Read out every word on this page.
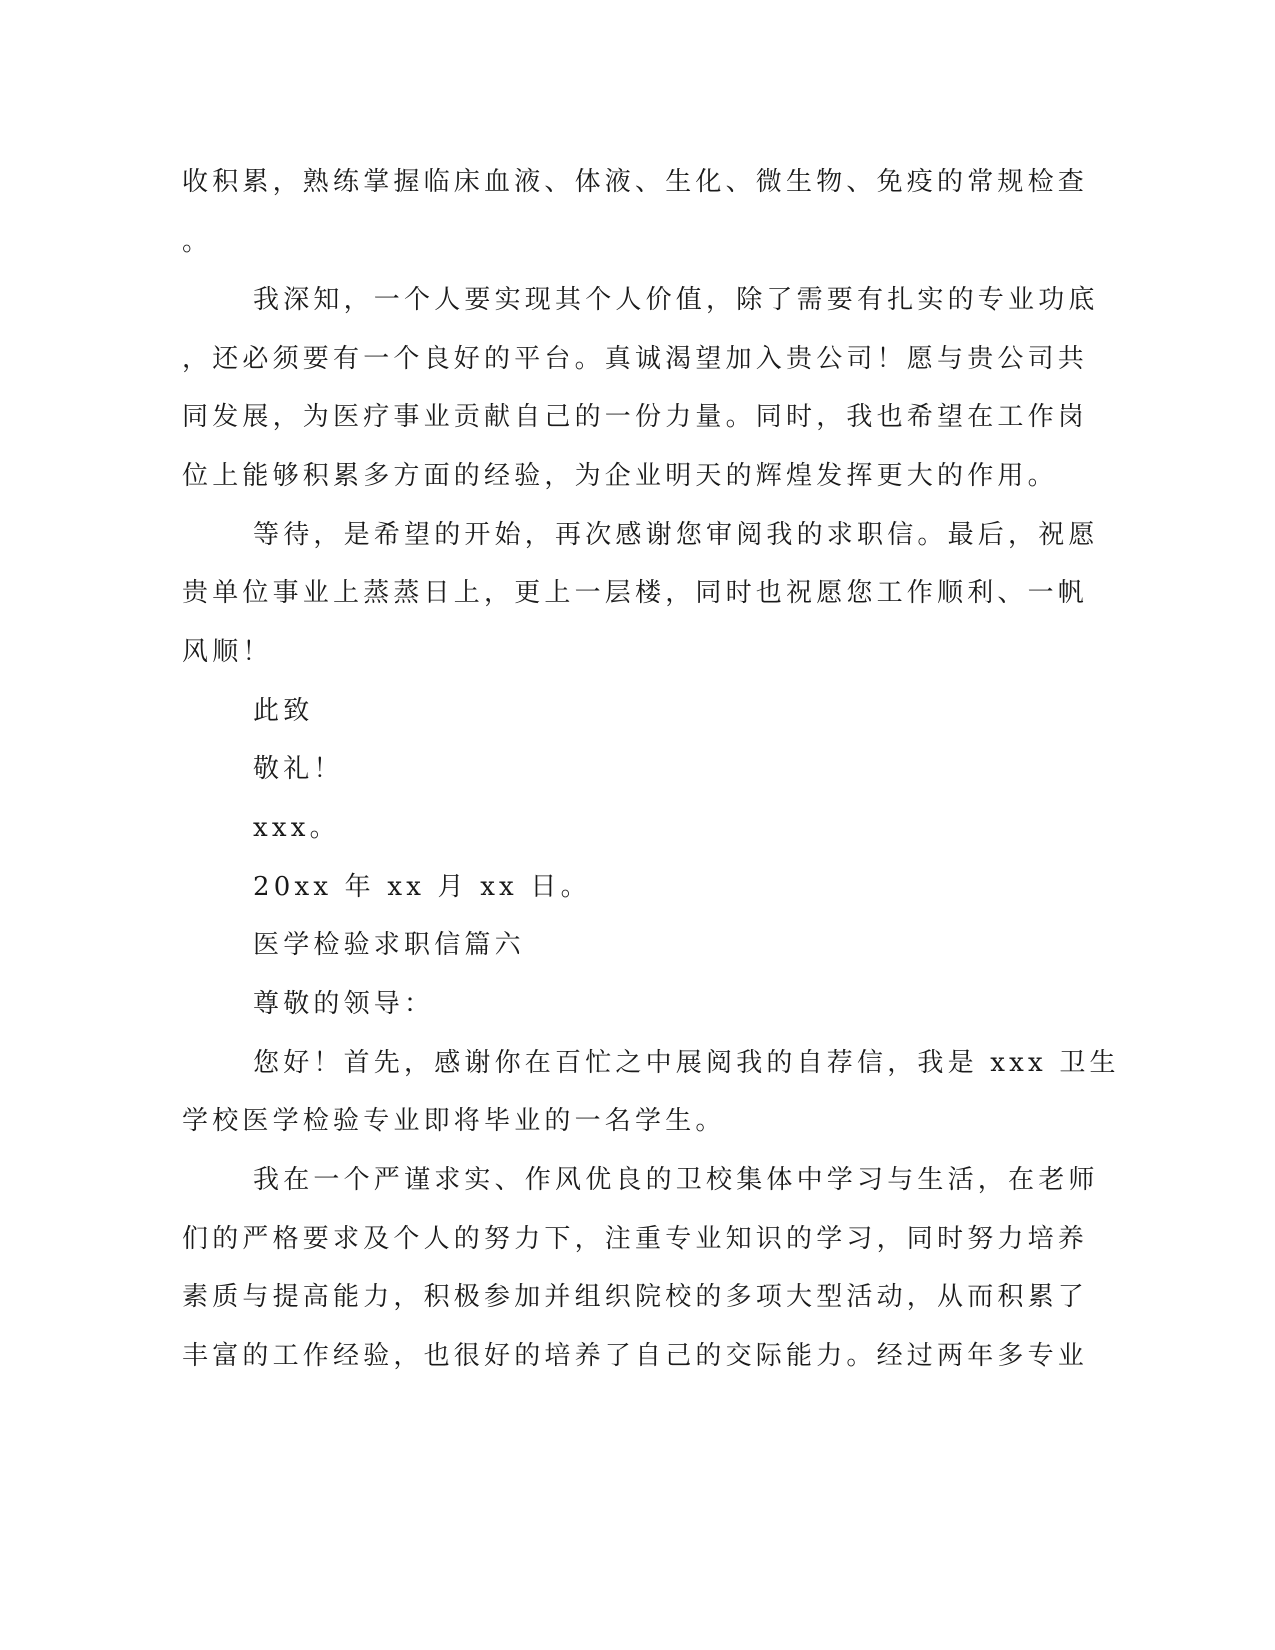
收积累，熟练掌握临床血液、体液、生化、微生物、免疫的常规检查
。
我深知，一个人要实现其个人价值，除了需要有扎实的专业功底
，还必须要有一个良好的平台。真诚渴望加入贵公司！愿与贵公司共
同发展，为医疗事业贡献自己的一份力量。同时，我也希望在工作岗
位上能够积累多方面的经验，为企业明天的辉煌发挥更大的作用。
等待，是希望的开始，再次感谢您审阅我的求职信。最后，祝愿
贵单位事业上蒸蒸日上，更上一层楼，同时也祝愿您工作顺利、一帆
风顺！
此致
敬礼！
xxx。
20xx 年 xx 月 xx 日。
医学检验求职信篇六
尊敬的领导：
您好！首先，感谢你在百忙之中展阅我的自荐信，我是 xxx 卫生
学校医学检验专业即将毕业的一名学生。
我在一个严谨求实、作风优良的卫校集体中学习与生活，在老师
们的严格要求及个人的努力下，注重专业知识的学习，同时努力培养
素质与提高能力，积极参加并组织院校的多项大型活动，从而积累了
丰富的工作经验，也很好的培养了自己的交际能力。经过两年多专业
